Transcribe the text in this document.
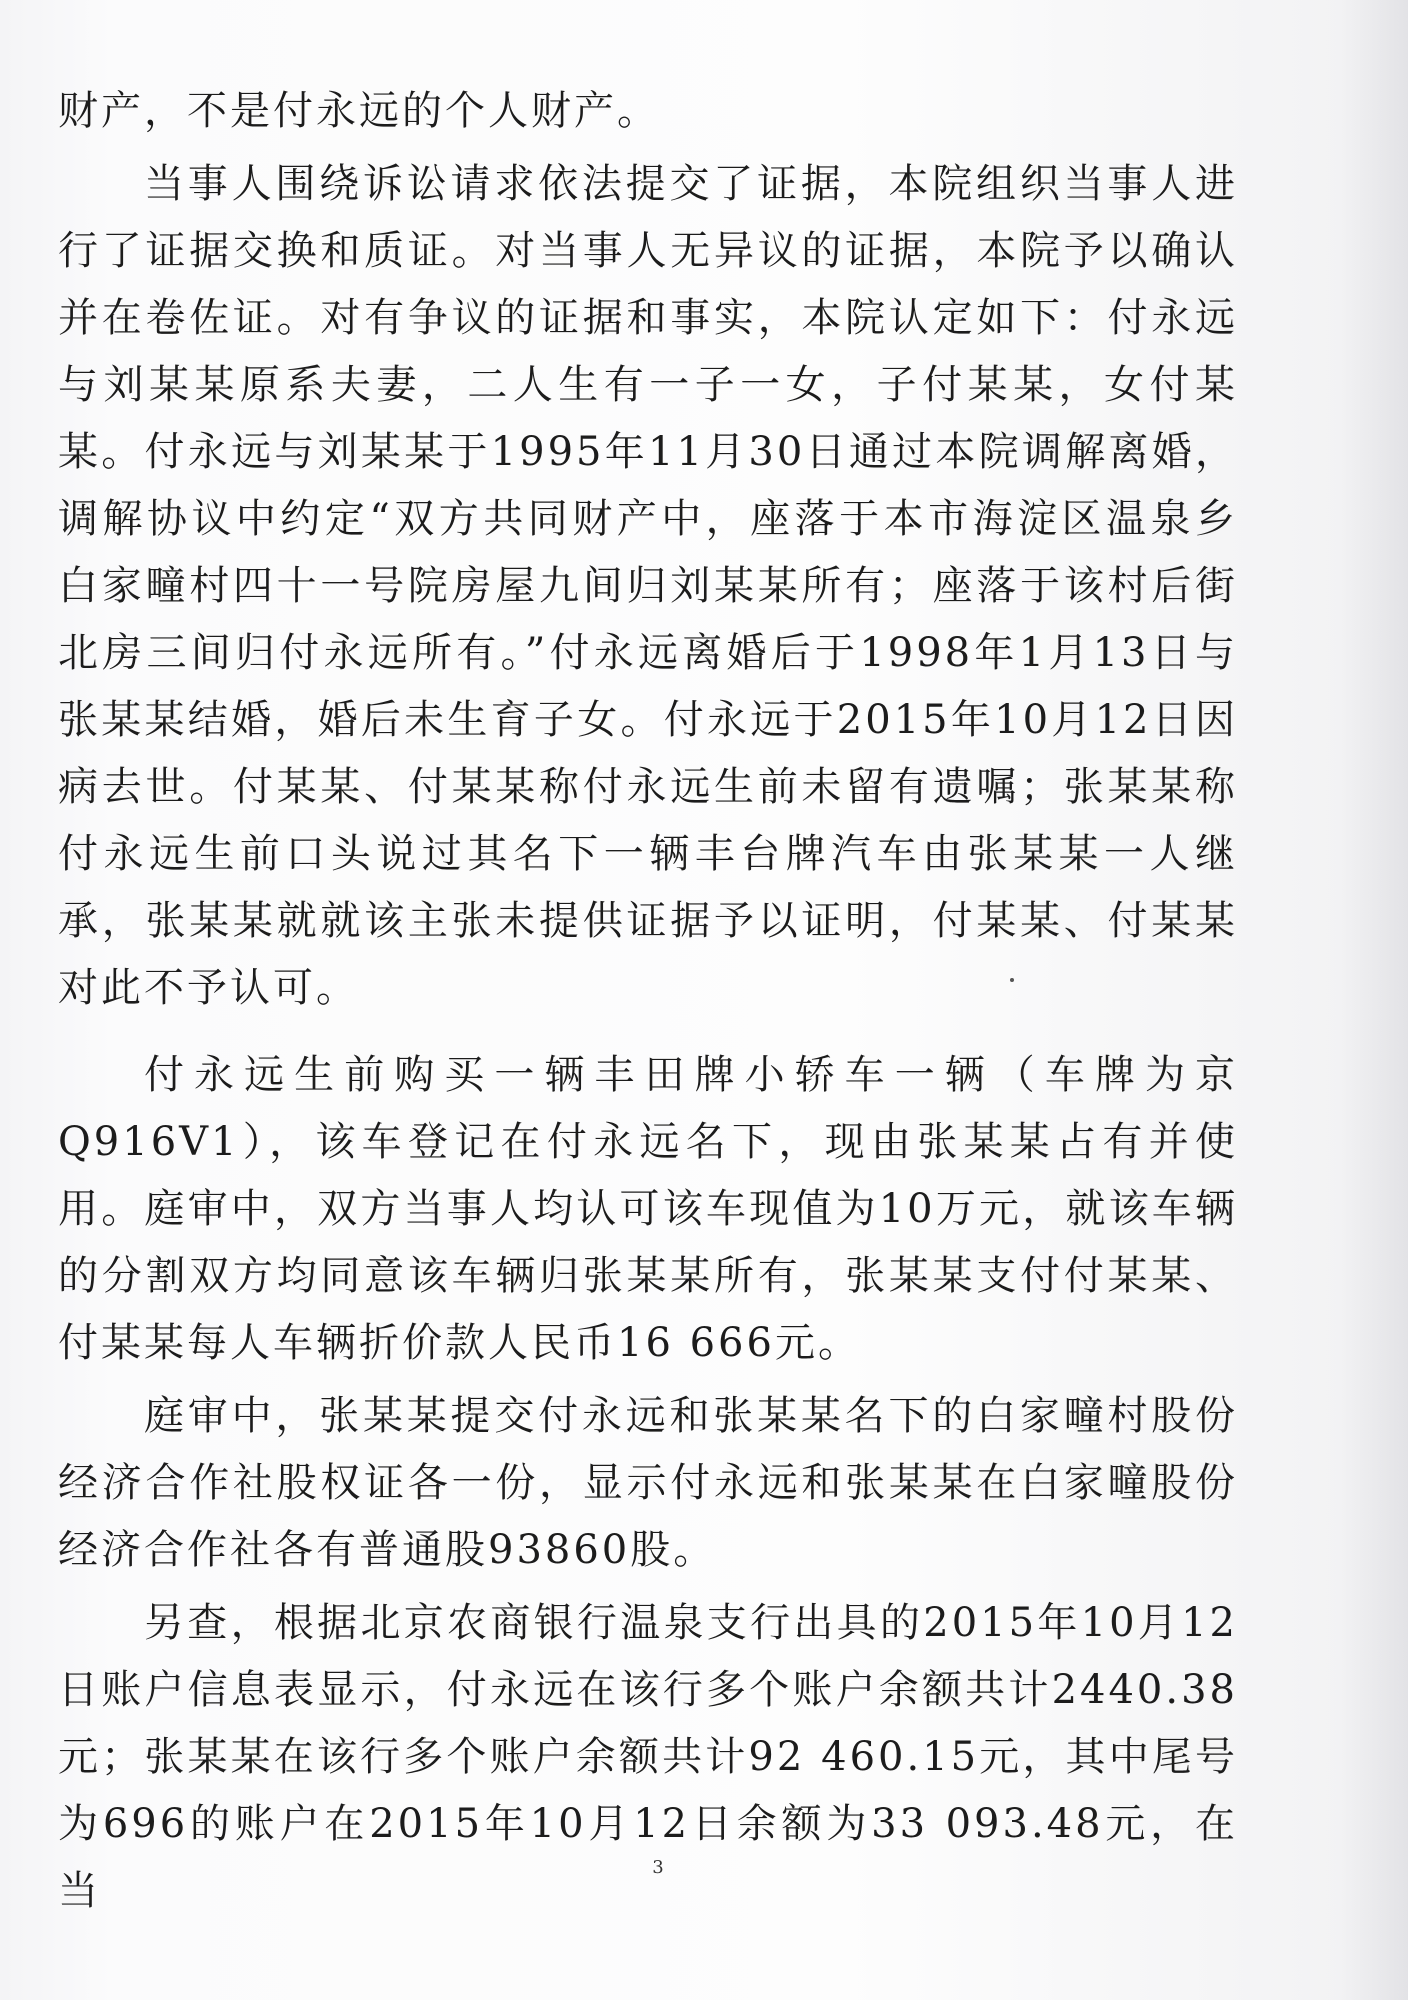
财产，不是付永远的个人财产。

当事人围绕诉讼请求依法提交了证据，本院组织当事人进行了证据交换和质证。对当事人无异议的证据，本院予以确认并在卷佐证。对有争议的证据和事实，本院认定如下：付永远与刘某某原系夫妻，二人生有一子一女，子付某某，女付某某。付永远与刘某某于1995年11月30日通过本院调解离婚，调解协议中约定“双方共同财产中，座落于本市海淀区温泉乡白家疃村四十一号院房屋九间归刘某某所有；座落于该村后街北房三间归付永远所有。”付永远离婚后于1998年1月13日与张某某结婚，婚后未生育子女。付永远于2015年10月12日因病去世。付某某、付某某称付永远生前未留有遗嘱；张某某称付永远生前口头说过其名下一辆丰台牌汽车由张某某一人继承，张某某就就该主张未提供证据予以证明，付某某、付某某对此不予认可。

付永远生前购买一辆丰田牌小轿车一辆（车牌为京Q916V1），该车登记在付永远名下，现由张某某占有并使用。庭审中，双方当事人均认可该车现值为10万元，就该车辆的分割双方均同意该车辆归张某某所有，张某某支付付某某、付某某每人车辆折价款人民币16 666元。

庭审中，张某某提交付永远和张某某名下的白家疃村股份经济合作社股权证各一份，显示付永远和张某某在白家疃股份经济合作社各有普通股93860股。

另查，根据北京农商银行温泉支行出具的2015年10月12日账户信息表显示，付永远在该行多个账户余额共计2440.38元；张某某在该行多个账户余额共计92 460.15元，其中尾号为696的账户在2015年10月12日余额为33 093.48元，在当

3
